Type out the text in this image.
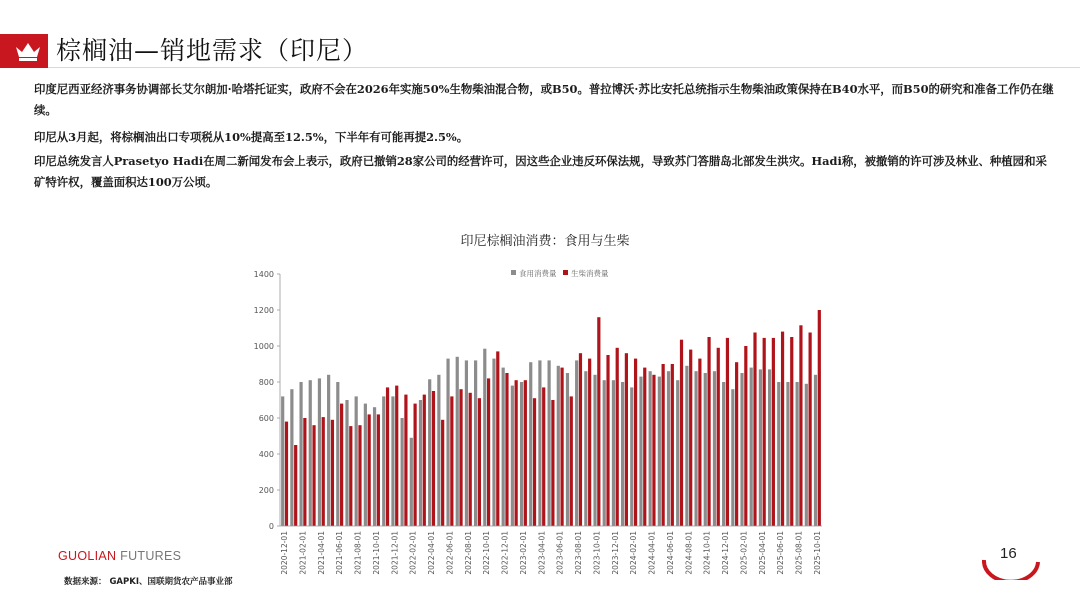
棕榈油—销地需求（印尼）

印度尼西亚经济事务协调部长艾尔朗加·哈塔托证实，政府不会在2026年实施50%生物柴油混合物，或B50。普拉博沃·苏比安托总统指示生物柴油政策保持在B40水平，而B50的研究和准备工作仍在继续。

印尼从3月起，将棕榈油出口专项税从10%提高至12.5%，下半年有可能再提2.5%。

印尼总统发言人Prasetyo Hadi在周二新闻发布会上表示，政府已撤销28家公司的经营许可，因这些企业违反环保法规，导致苏门答腊岛北部发生洪灾。Hadi称，被撤销的许可涉及林业、种植园和采矿特许权，覆盖面积达100万公顷。

印尼棕榈油消费：食用与生柴
0
200
400
600
800
1000
1200
1400
2020-12-01 2021-02-01 2021-04-01 2021-06-01 2021-08-01 2021-10-01 2021-12-01 2022-02-01 2022-04-01 2022-06-01 2022-08-01 2022-10-01 2022-12-01 2023-02-01 2023-04-01 2023-06-01 2023-08-01 2023-10-01 2023-12-01 2024-02-01 2024-04-01 2024-06-01 2024-08-01 2024-10-01 2024-12-01 2025-02-01 2025-04-01 2025-06-01 2025-08-01 2025-10-01
食用消费量 生柴消费量
GUOLIAN FUTURES
数据来源： GAPKI、国联期货农产品事业部
16
